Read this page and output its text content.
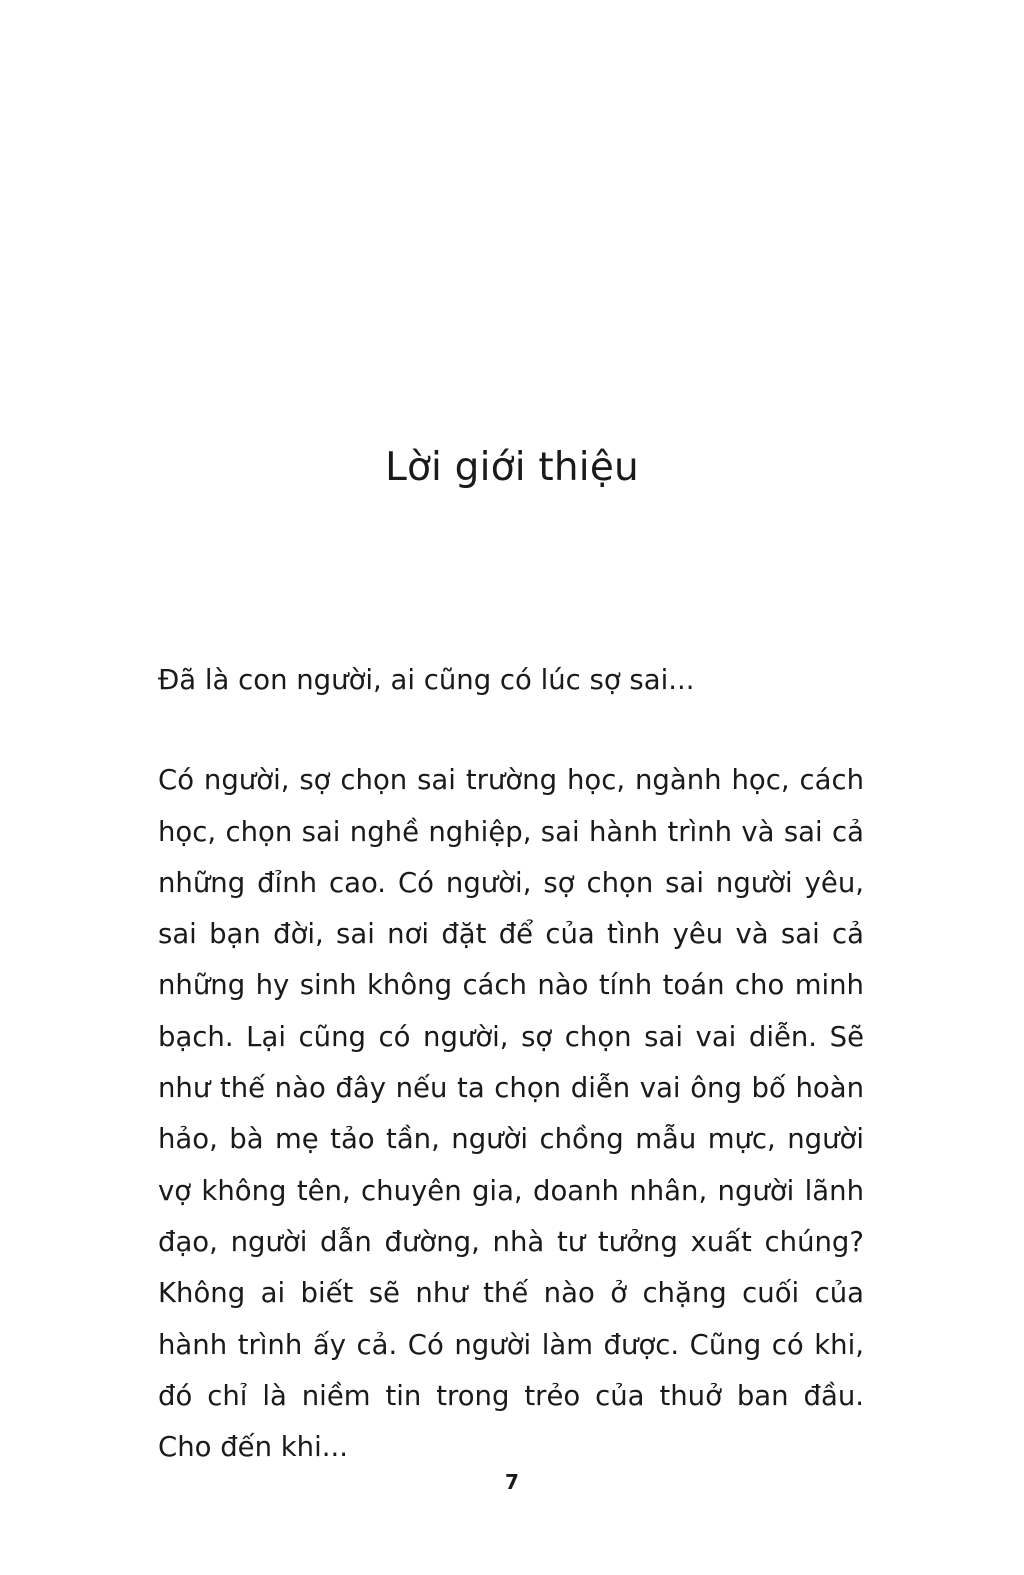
Lời giới thiệu

Đã là con người, ai cũng có lúc sợ sai...

Có người, sợ chọn sai trường học, ngành học, cách học, chọn sai nghề nghiệp, sai hành trình và sai cả những đỉnh cao. Có người, sợ chọn sai người yêu, sai bạn đời, sai nơi đặt để của tình yêu và sai cả những hy sinh không cách nào tính toán cho minh bạch. Lại cũng có người, sợ chọn sai vai diễn. Sẽ như thế nào đây nếu ta chọn diễn vai ông bố hoàn hảo, bà mẹ tảo tần, người chồng mẫu mực, người vợ không tên, chuyên gia, doanh nhân, người lãnh đạo, người dẫn đường, nhà tư tưởng xuất chúng? Không ai biết sẽ như thế nào ở chặng cuối của hành trình ấy cả. Có người làm được. Cũng có khi, đó chỉ là niềm tin trong trẻo của thuở ban đầu. Cho đến khi...

7
